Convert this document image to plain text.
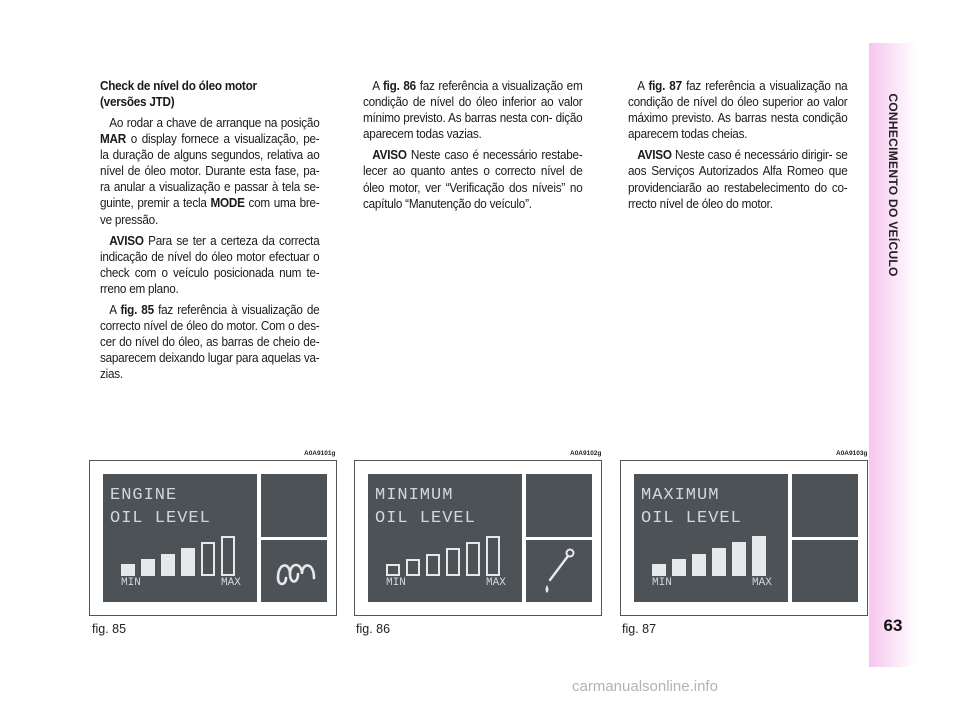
Check de nível do óleo motor
(versões JTD)

Ao rodar a chave de arranque na posição MAR o display fornece a visualização, pe- la duração de alguns segundos, relativa ao nível de óleo motor. Durante esta fase, pa- ra anular a visualização e passar à tela se- guinte, premir a tecla MODE com uma bre- ve pressão.

AVISO Para se ter a certeza da correcta indicação de nível do óleo motor efectuar o check com o veículo posicionada num te- rreno em plano.

A fig. 85 faz referência à visualização de correcto nível de óleo do motor. Com o des- cer do nível do óleo, as barras de cheio de- saparecem deixando lugar para aquelas va- zias.

A fig. 86 faz referência a visualização em condição de nível do óleo inferior ao valor mínimo previsto. As barras nesta con- dição aparecem todas vazias.

AVISO Neste caso é necessário restabe- lecer ao quanto antes o correcto nível de óleo motor, ver “Verificação dos níveis” no capítulo “Manutenção do veículo”.

A fig. 87 faz referência a visualização na condição de nível do óleo superior ao valor máximo previsto. As barras nesta condição aparecem todas cheias.

AVISO Neste caso é necessário dirigir- se aos Serviços Autorizados Alfa Romeo que providenciarão ao restabelecimento do co- rrecto nível de óleo do motor.	CONHECIMENTO DO VEÍCULO
63
A0A9101g
ENGINE
OIL LEVEL
MIN	MAX
fig. 85
A0A9102g
MINIMUM
OIL LEVEL
MIN	MAX
fig. 86
A0A9103g
MAXIMUM
OIL LEVEL
MIN	MAX
fig. 87
carmanualsonline.info
